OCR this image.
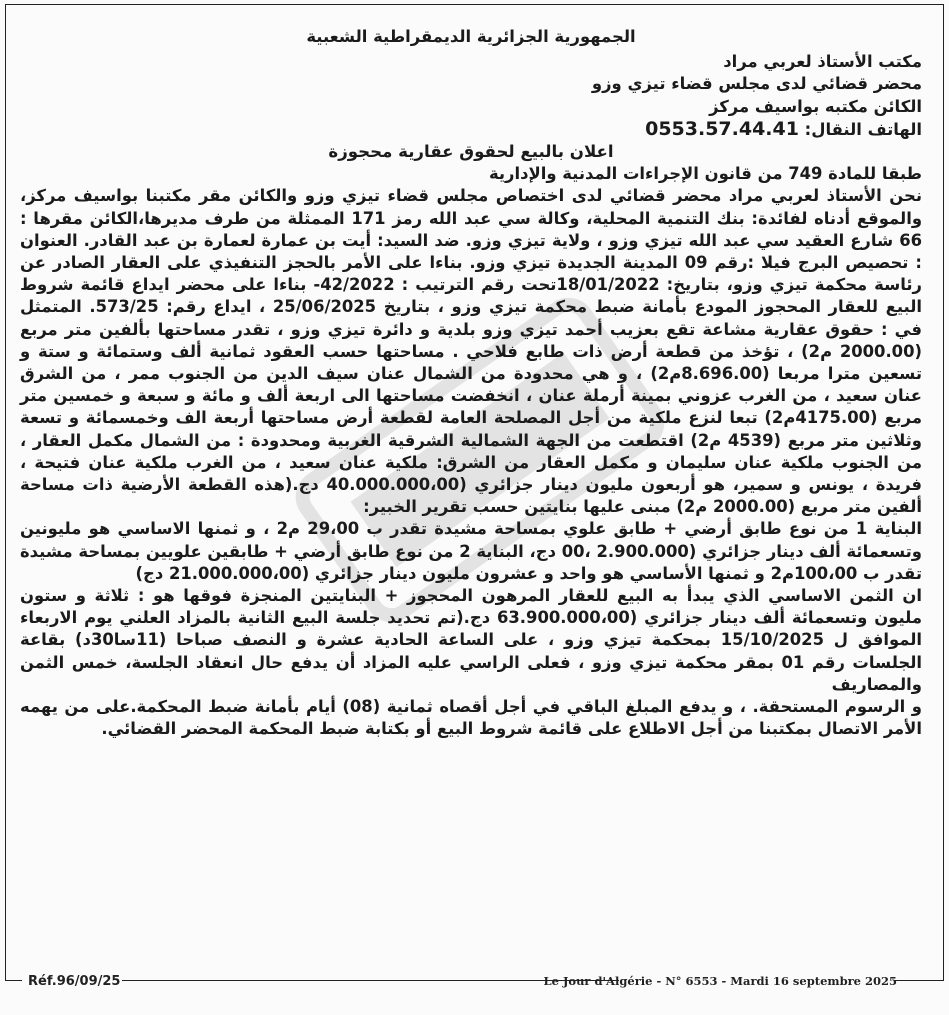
الجمهورية الجزائرية الديمقراطية الشعبية

مكتب الأستاذ لعربي مراد

محضر قضائي لدى مجلس قضاء تيزي وزو

الكائن مكتبه بواسيف مركز

الهاتف النقال: 0553.57.44.41

اعلان بالبيع لحقوق عقارية محجوزة

طبقا للمادة 749 من قانون الإجراءات المدنية والإدارية

نحن الأستاذ لعربي مراد محضر قضائي لدى اختصاص مجلس قضاء تيزي وزو والكائن مقر مكتبنا بواسيف مركز، والموقع أدناه لفائدة: بنك التنمية المحلية، وكالة سي عبد الله رمز 171 الممثلة من طرف مديرها،الكائن مقرها : 66 شارع العقيد سي عبد الله تيزي وزو ، ولاية تيزي وزو. ضد السيد: أيت بن عمارة لعمارة بن عبد القادر. العنوان : تحصيص البرج فيلا :رقم 09 المدينة الجديدة تيزي وزو. بناءا على الأمر بالحجز التنفيذي على العقار الصادر عن رئاسة محكمة تيزي وزو، بتاريخ: 18/01/2022تحت رقم الترتيب : 42/2022- بناءا على محضر ايداع قائمة شروط البيع للعقار المحجوز المودع بأمانة ضبط محكمة تيزي وزو ، بتاريخ 25/06/2025 ، ايداع رقم: 573/25. المتمثل في : حقوق عقارية مشاعة تقع بعزيب أحمد تيزي وزو بلدية و دائرة تيزي وزو ، تقدر مساحتها بألفين متر مربع (2000.00 م2) ، تؤخذ من قطعة أرض ذات طابع فلاحي . مساحتها حسب العقود ثمانية ألف وستمائة و ستة و تسعين مترا مربعا (8.696.00م2) ، و هي محدودة من الشمال عنان سيف الدين من الجنوب ممر ، من الشرق عنان سعيد ، من الغرب عزوني بمينة أرملة عنان ، انخفضت مساحتها الى اربعة ألف و مائة و سبعة و خمسين متر مربع (4175.00م2) تبعا لنزع ملكية من أجل المصلحة العامة لقطعة أرض مساحتها أربعة الف وخمسمائة و تسعة وثلاثين متر مربع (4539 م2) اقتطعت من الجهة الشمالية الشرقية الغربية ومحدودة : من الشمال مكمل العقار ، من الجنوب ملكية عنان سليمان و مكمل العقار من الشرق: ملكية عنان سعيد ، من الغرب ملكية عنان فتيحة ، فريدة ، يونس و سمير، هو أربعون مليون دينار جزائري (40.000.000،00 دج.(هذه القطعة الأرضية ذات مساحة ألفين متر مربع (2000.00 م2) مبنى عليها بنايتين حسب تقرير الخبير:

البناية 1 من نوع طابق أرضي + طابق علوي بمساحة مشيدة تقدر ب 29،00 م2 ، و ثمنها الاساسي هو مليونين وتسعمائة ألف دينار جزائري (2.900.000 ،00 دج، البناية 2 من نوع طابق أرضي + طابقين علويين بمساحة مشيدة تقدر ب 100،00م2 و ثمنها الأساسي هو واحد و عشرون مليون دينار جزائري (21.000.000،00 دج)

ان الثمن الاساسي الذي يبدأ به البيع للعقار المرهون المحجوز + البنايتين المنجزة فوقها هو : ثلاثة و ستون مليون وتسعمائة ألف دينار جزائري (63.900.000،00 دج.(تم تحديد جلسة البيع الثانية بالمزاد العلني يوم الاربعاء الموافق ل 15/10/2025 بمحكمة تيزي وزو ، على الساعة الحادية عشرة و النصف صباحا (11سا30د) بقاعة الجلسات رقم 01 بمقر محكمة تيزي وزو ، فعلى الراسي عليه المزاد أن يدفع حال انعقاد الجلسة، خمس الثمن والمصاريف

و الرسوم المستحقة. ، و يدفع المبلغ الباقي في أجل أقصاه ثمانية (08) أيام بأمانة ضبط المحكمة.على من يهمه الأمر الاتصال بمكتبنا من أجل الاطلاع على قائمة شروط البيع أو بكتابة ضبط المحكمة المحضر القضائي.

Réf.96/09/25	Le Jour d'Algérie - N° 6553 - Mardi 16 septembre 2025
